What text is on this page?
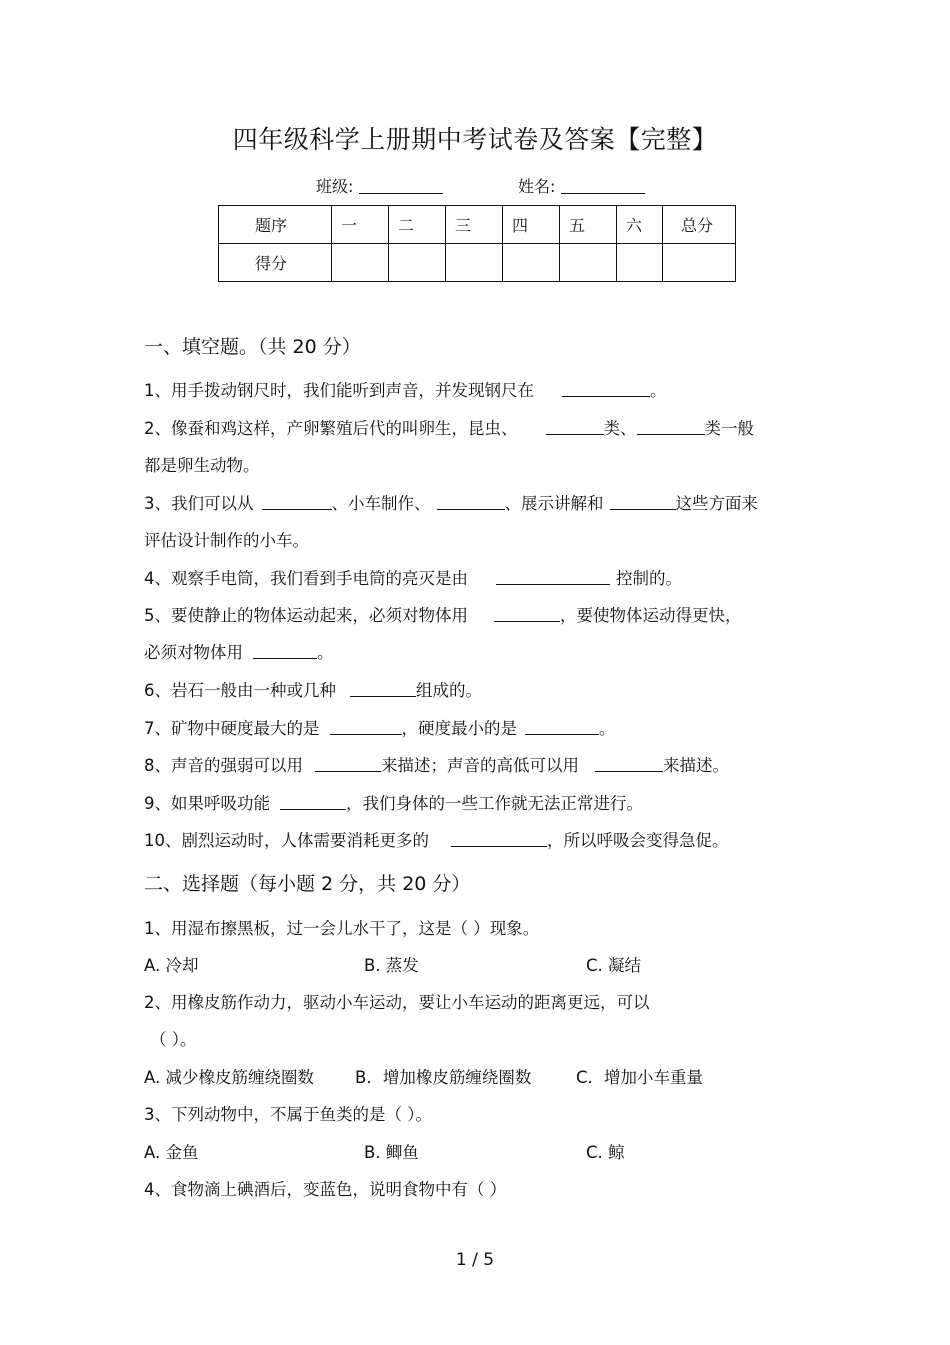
四年级科学上册期中考试卷及答案【完整】
班级:	姓名:
题序	一	二	三	四	五	六	总分
得分							
一、填空题。（共 20 分）
1、用手拨动钢尺时，我们能听到声音，并发现钢尺在	。
2、像蚕和鸡这样，产卵繁殖后代的叫卵生，昆虫、	类、	类一般
都是卵生动物。
3、我们可以从	、小车制作、	、展示讲解和	这些方面来
评估设计制作的小车。
4、观察手电筒，我们看到手电筒的亮灭是由	控制的。
5、要使静止的物体运动起来，必须对物体用	，要使物体运动得更快，
必须对物体用	。
6、岩石一般由一种或几种	组成的。
7、矿物中硬度最大的是	，硬度最小的是	。
8、声音的强弱可以用	来描述；声音的高低可以用	来描述。
9、如果呼吸功能	，我们身体的一些工作就无法正常进行。
10、剧烈运动时，人体需要消耗更多的	，所以呼吸会变得急促。
二、选择题（每小题 2 分，共 20 分）
1、用湿布擦黑板，过一会儿水干了，这是（ ）现象。
A. 冷却	B. 蒸发	C. 凝结
2、用橡皮筋作动力，驱动小车运动，要让小车运动的距离更远，可以
（ ）。
A. 减少橡皮筋缠绕圈数 B．增加橡皮筋缠绕圈数	C．增加小车重量
3、下列动物中，不属于鱼类的是（ ）。
A. 金鱼	B. 鲫鱼	C. 鲸
4、食物滴上碘酒后，变蓝色，说明食物中有（ ）
1 / 5
